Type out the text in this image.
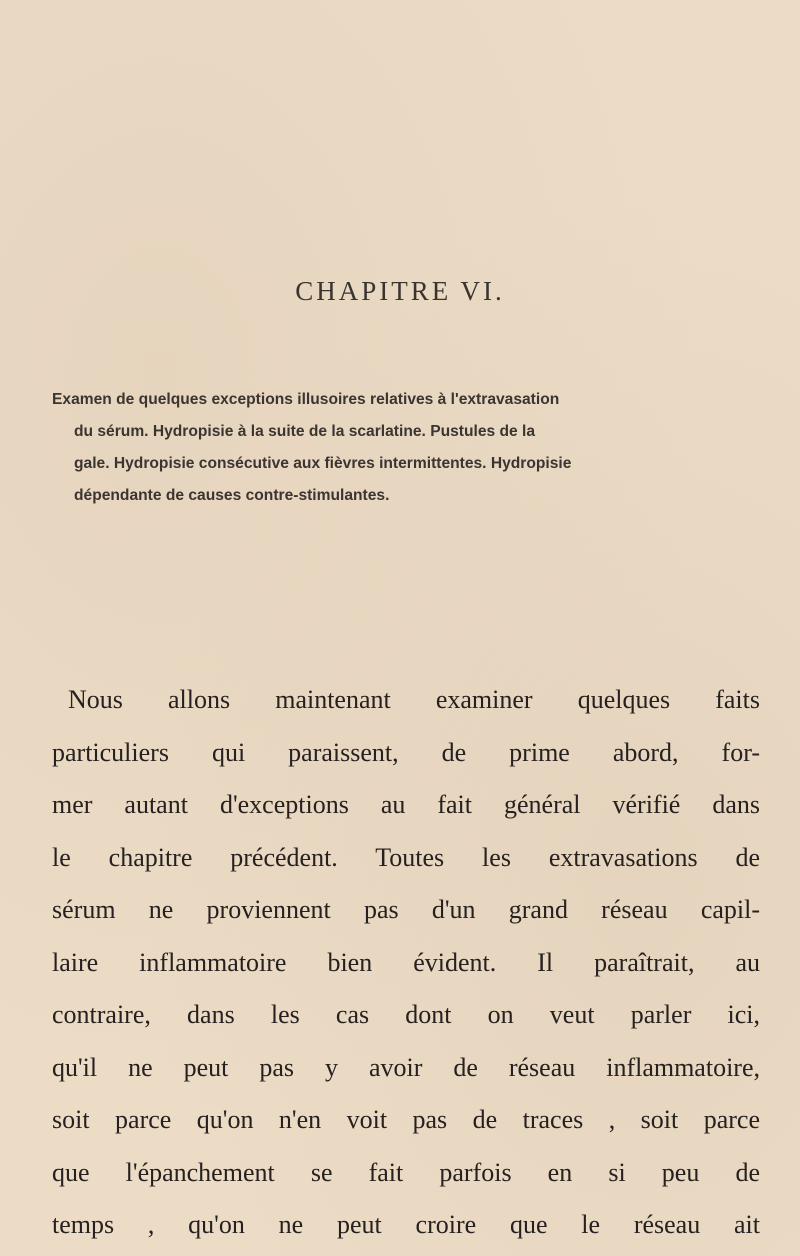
CHAPITRE VI.

Examen de quelques exceptions illusoires relatives à l'extravasation
du sérum. Hydropisie à la suite de la scarlatine. Pustules de la
gale. Hydropisie consécutive aux fièvres intermittentes. Hydropisie
dépendante de causes contre-stimulantes.

Nous allons maintenant examiner quelques faits
particuliers qui paraissent, de prime abord, for-
mer autant d'exceptions au fait général vérifié dans
le chapitre précédent. Toutes les extravasations de
sérum ne proviennent pas d'un grand réseau capil-
laire inflammatoire bien évident. Il paraîtrait, au
contraire, dans les cas dont on veut parler ici,
qu'il ne peut pas y avoir de réseau inflammatoire,
soit parce qu'on n'en voit pas de traces , soit parce
que l'épanchement se fait parfois en si peu de
temps , qu'on ne peut croire que le réseau ait
